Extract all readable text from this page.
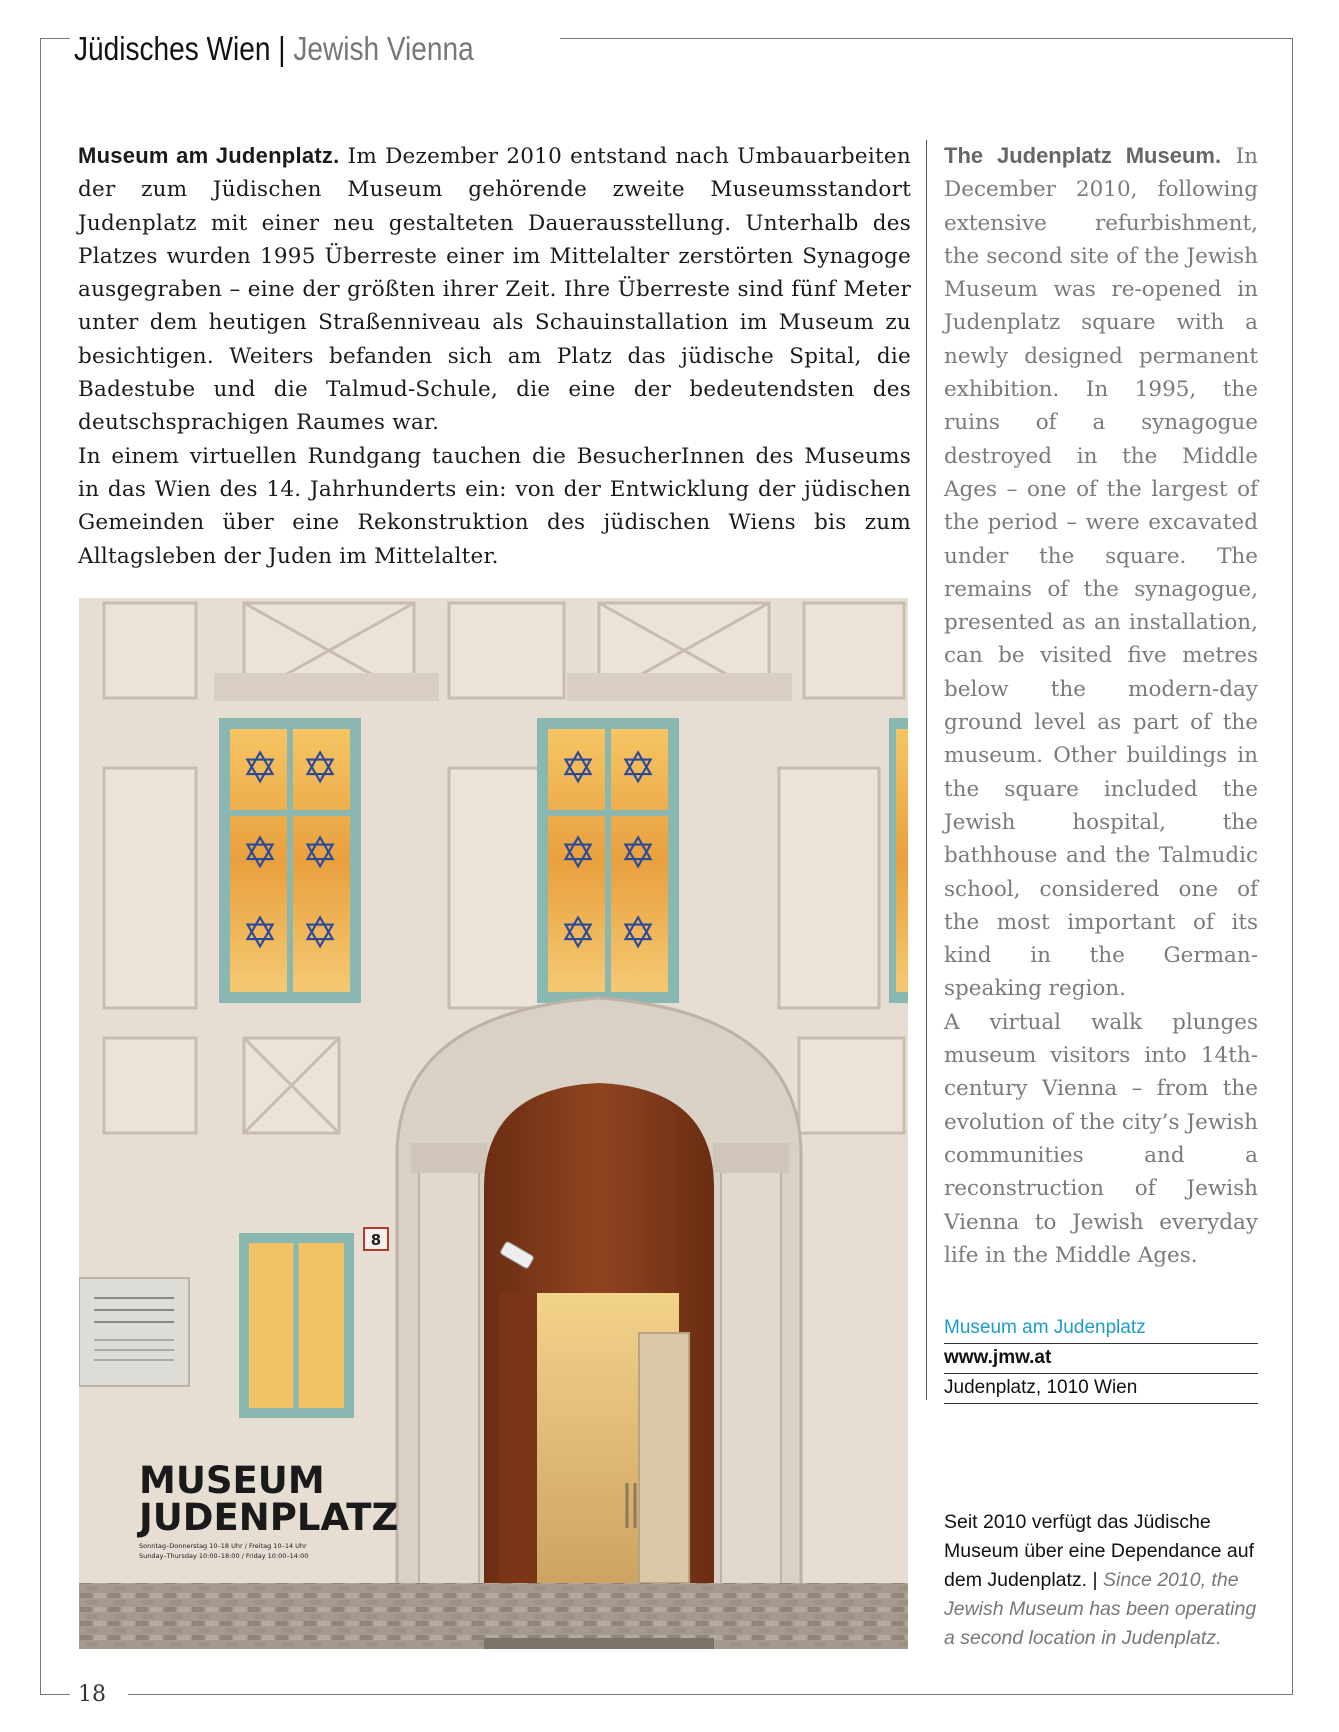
Jüdisches Wien | Jewish Vienna

Museum am Judenplatz. Im Dezember 2010 entstand nach Umbauarbeiten der zum Jüdischen Museum gehörende zweite Museumsstandort Judenplatz mit einer neu gestalteten Dauerausstellung. Unterhalb des Platzes wurden 1995 Überreste einer im Mittelalter zerstörten Synagoge ausgegraben – eine der größten ihrer Zeit. Ihre Überreste sind fünf Meter unter dem heutigen Straßenniveau als Schauinstallation im Museum zu besichtigen. Weiters befanden sich am Platz das jüdische Spital, die Badestube und die Talmud-Schule, die eine der bedeutendsten des deutschsprachigen Raumes war.

In einem virtuellen Rundgang tauchen die BesucherInnen des Museums in das Wien des 14. Jahrhunderts ein: von der Entwicklung der jüdischen Gemeinden über eine Rekonstruktion des jüdischen Wiens bis zum Alltagsleben der Juden im Mittelalter.

The Judenplatz Museum. In December 2010, following extensive refurbishment, the second site of the Jewish Museum was re-opened in Judenplatz square with a newly designed permanent exhibition. In 1995, the ruins of a synagogue destroyed in the Middle Ages – one of the largest of the period – were excavated under the square. The remains of the synagogue, presented as an installation, can be visited five metres below the modern-day ground level as part of the museum. Other buildings in the square included the Jewish hospital, the bathhouse and the Talmudic school, considered one of the most important of its kind in the German-speaking region.

A virtual walk plunges museum visitors into 14th-century Vienna – from the evolution of the city’s Jewish communities and a reconstruction of Jewish Vienna to Jewish everyday life in the Middle Ages.

Museum am Judenplatz
www.jmw.at
Judenplatz, 1010 Wien
Seit 2010 verfügt das Jüdische Museum über eine Dependance auf dem Judenplatz. | Since 2010, the Jewish Museum has been operating a second location in Judenplatz.
18
✡ ✡
✡ ✡
✡ ✡
✡ ✡
✡ ✡
✡ ✡
8
MUSEUM
JUDENPLATZ
Sonntag–Donnerstag 10–18 Uhr / Freitag 10–14 Uhr
Sunday–Thursday 10:00–18:00 / Friday 10:00–14:00
